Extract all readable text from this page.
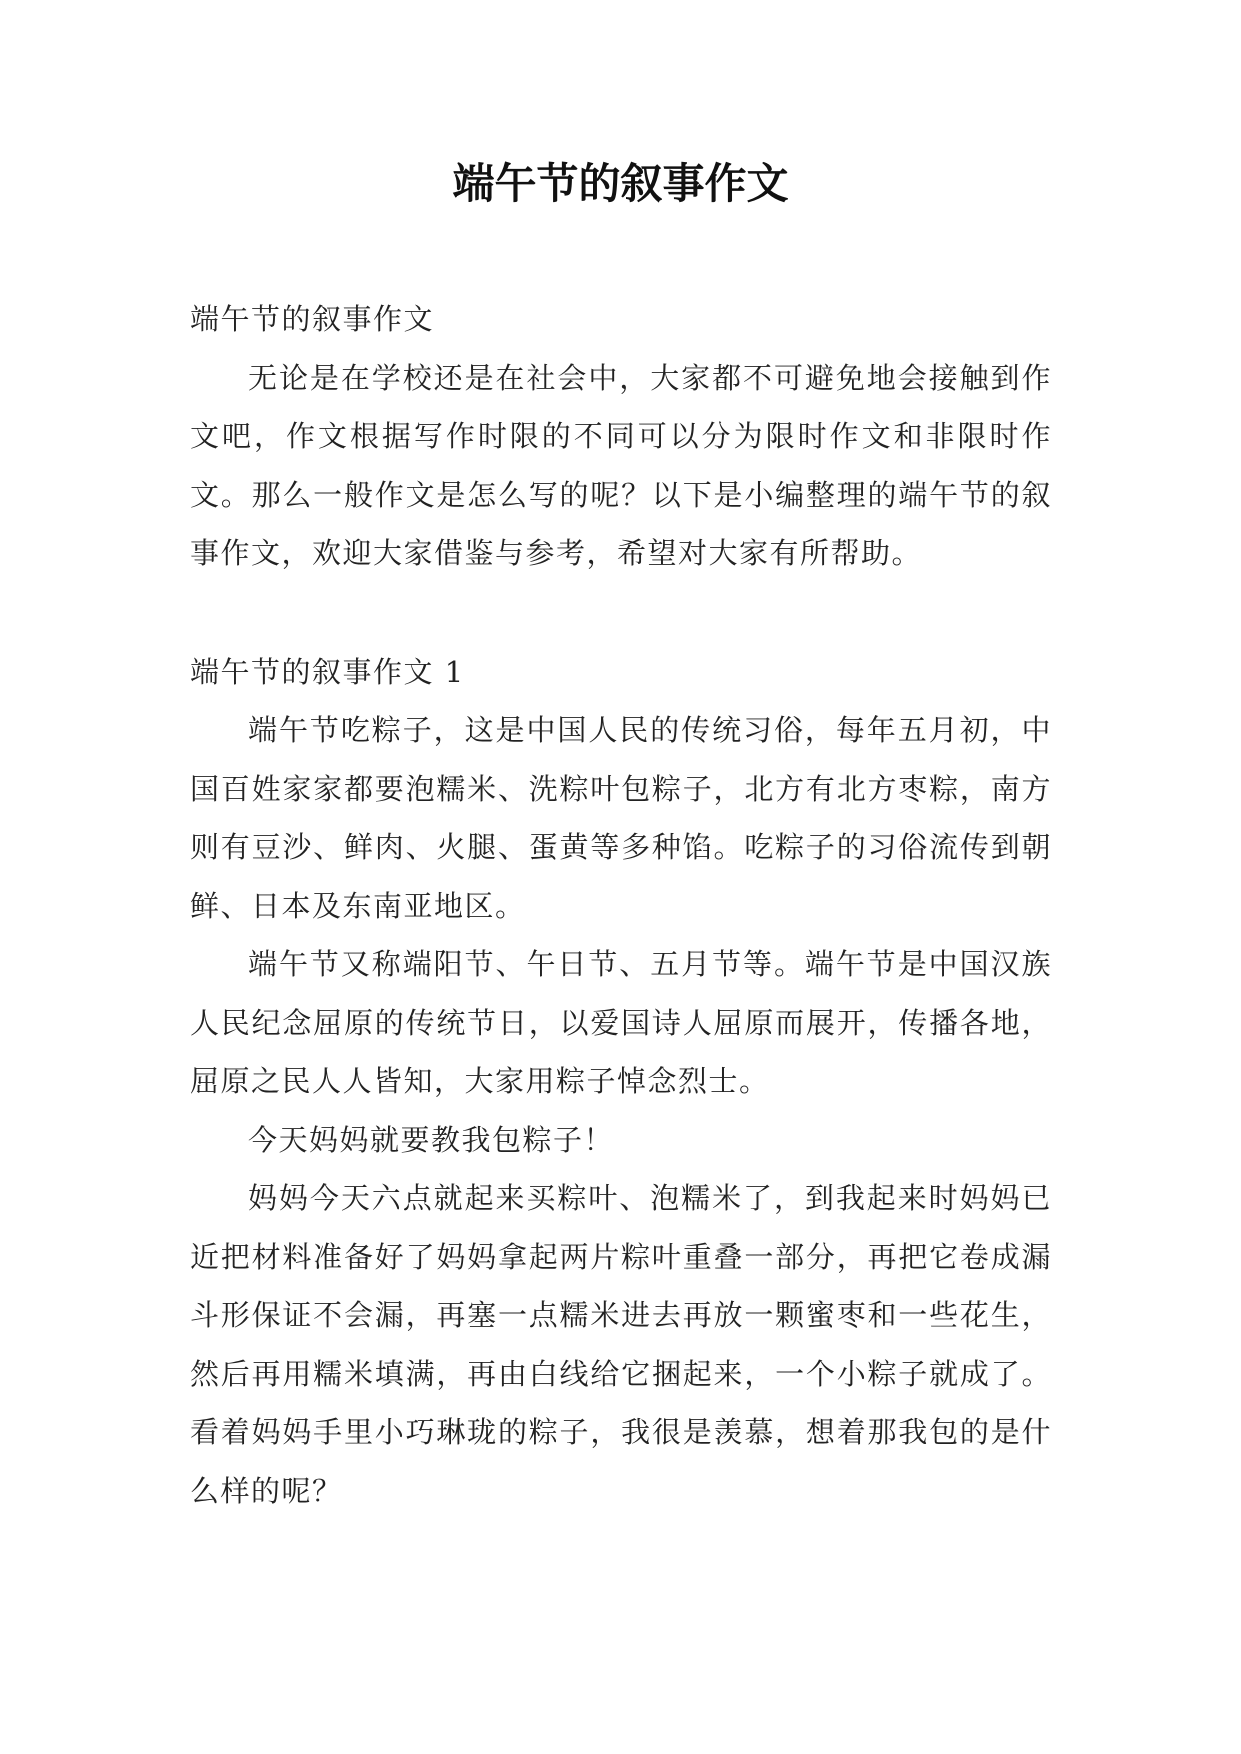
端午节的叙事作文

端午节的叙事作文

无论是在学校还是在社会中，大家都不可避免地会接触到作文吧，作文根据写作时限的不同可以分为限时作文和非限时作文。那么一般作文是怎么写的呢？以下是小编整理的端午节的叙事作文，欢迎大家借鉴与参考，希望对大家有所帮助。

端午节的叙事作文 1

端午节吃粽子，这是中国人民的传统习俗，每年五月初，中国百姓家家都要泡糯米、洗粽叶包粽子，北方有北方枣粽，南方则有豆沙、鲜肉、火腿、蛋黄等多种馅。吃粽子的习俗流传到朝鲜、日本及东南亚地区。

端午节又称端阳节、午日节、五月节等。端午节是中国汉族人民纪念屈原的传统节日，以爱国诗人屈原而展开，传播各地，屈原之民人人皆知，大家用粽子悼念烈士。

今天妈妈就要教我包粽子！

妈妈今天六点就起来买粽叶、泡糯米了，到我起来时妈妈已近把材料准备好了妈妈拿起两片粽叶重叠一部分，再把它卷成漏斗形保证不会漏，再塞一点糯米进去再放一颗蜜枣和一些花生，然后再用糯米填满，再由白线给它捆起来，一个小粽子就成了。看着妈妈手里小巧琳珑的粽子，我很是羡慕，想着那我包的是什么样的呢？
